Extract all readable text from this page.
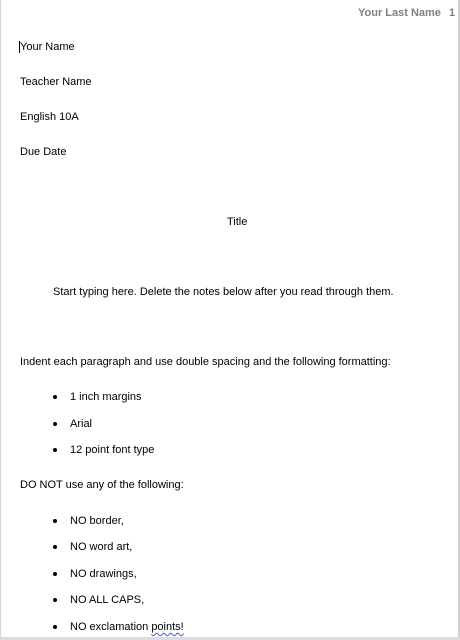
Your Last Name 1
Your Name
Teacher Name
English 10A
Due Date
Title
Start typing here. Delete the notes below after you read through them.
Indent each paragraph and use double spacing and the following formatting:
1 inch margins
Arial
12 point font type
DO NOT use any of the following:
NO border,
NO word art,
NO drawings,
NO ALL CAPS,
NO exclamation points!
